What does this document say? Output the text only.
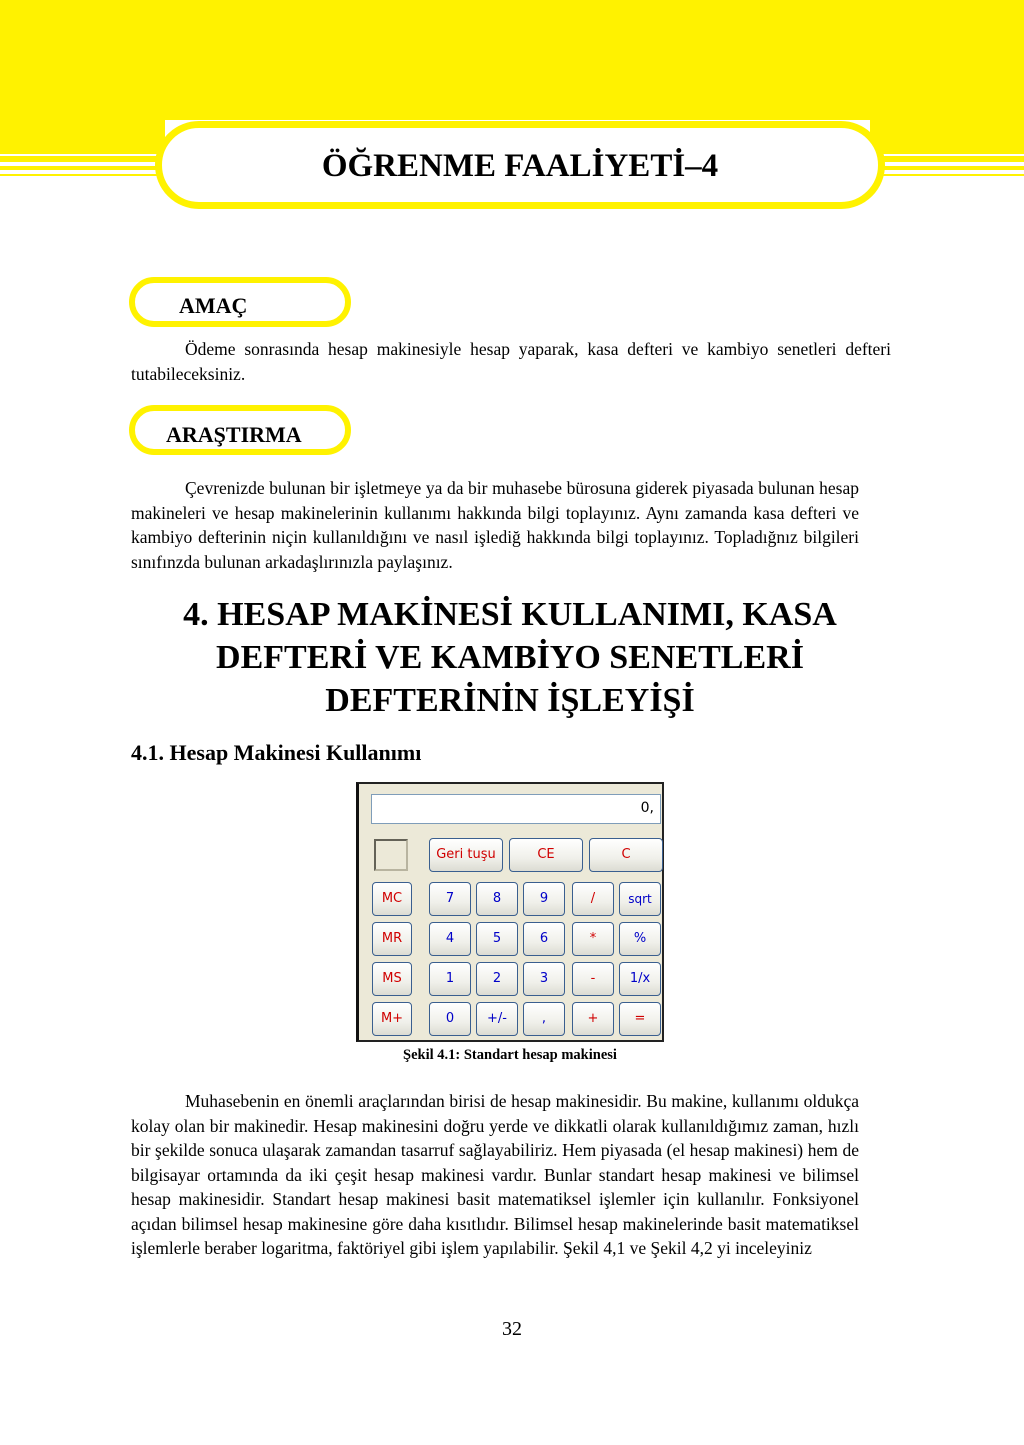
ÖĞRENME FAALİYETİ–4
AMAÇ

Ödeme sonrasında hesap makinesiyle hesap yaparak, kasa defteri ve kambiyo senetleri defteri tutabileceksiniz.

ARAŞTIRMA

Çevrenizde bulunan bir işletmeye ya da bir muhasebe bürosuna giderek piyasada bulunan hesap makineleri ve hesap makinelerinin kullanımı hakkında bilgi toplayınız. Aynı zamanda kasa defteri ve kambiyo defterinin niçin kullanıldığını ve nasıl işlediğ hakkında bilgi toplayınız. Topladığnız bilgileri sınıfınzda bulunan arkadaşlırınızla paylaşınız.

4. HESAP MAKİNESİ KULLANIMI, KASA
DEFTERİ VE KAMBİYO SENETLERİ
DEFTERİNİN İŞLEYİŞİ
4.1. Hesap Makinesi Kullanımı
0,
Geri tuşu	CE	C
MC
MR
MS
M+
7	8	9	/	sqrt
4	5	6	*	%
1	2	3	-	1/x
0	+/-	,	+	=
Şekil 4.1: Standart hesap makinesi

Muhasebenin en önemli araçlarından birisi de hesap makinesidir. Bu makine, kullanımı oldukça kolay olan bir makinedir. Hesap makinesini doğru yerde ve dikkatli olarak kullanıldığımız zaman, hızlı bir şekilde sonuca ulaşarak zamandan tasarruf sağlayabiliriz. Hem piyasada (el hesap makinesi) hem de bilgisayar ortamında da iki çeşit hesap makinesi vardır. Bunlar standart hesap makinesi ve bilimsel hesap makinesidir. Standart hesap makinesi basit matematiksel işlemler için kullanılır. Fonksiyonel açıdan bilimsel hesap makinesine göre daha kısıtlıdır. Bilimsel hesap makinelerinde basit matematiksel işlemlerle beraber logaritma, faktöriyel gibi işlem yapılabilir. Şekil 4,1 ve Şekil 4,2 yi inceleyiniz

32
